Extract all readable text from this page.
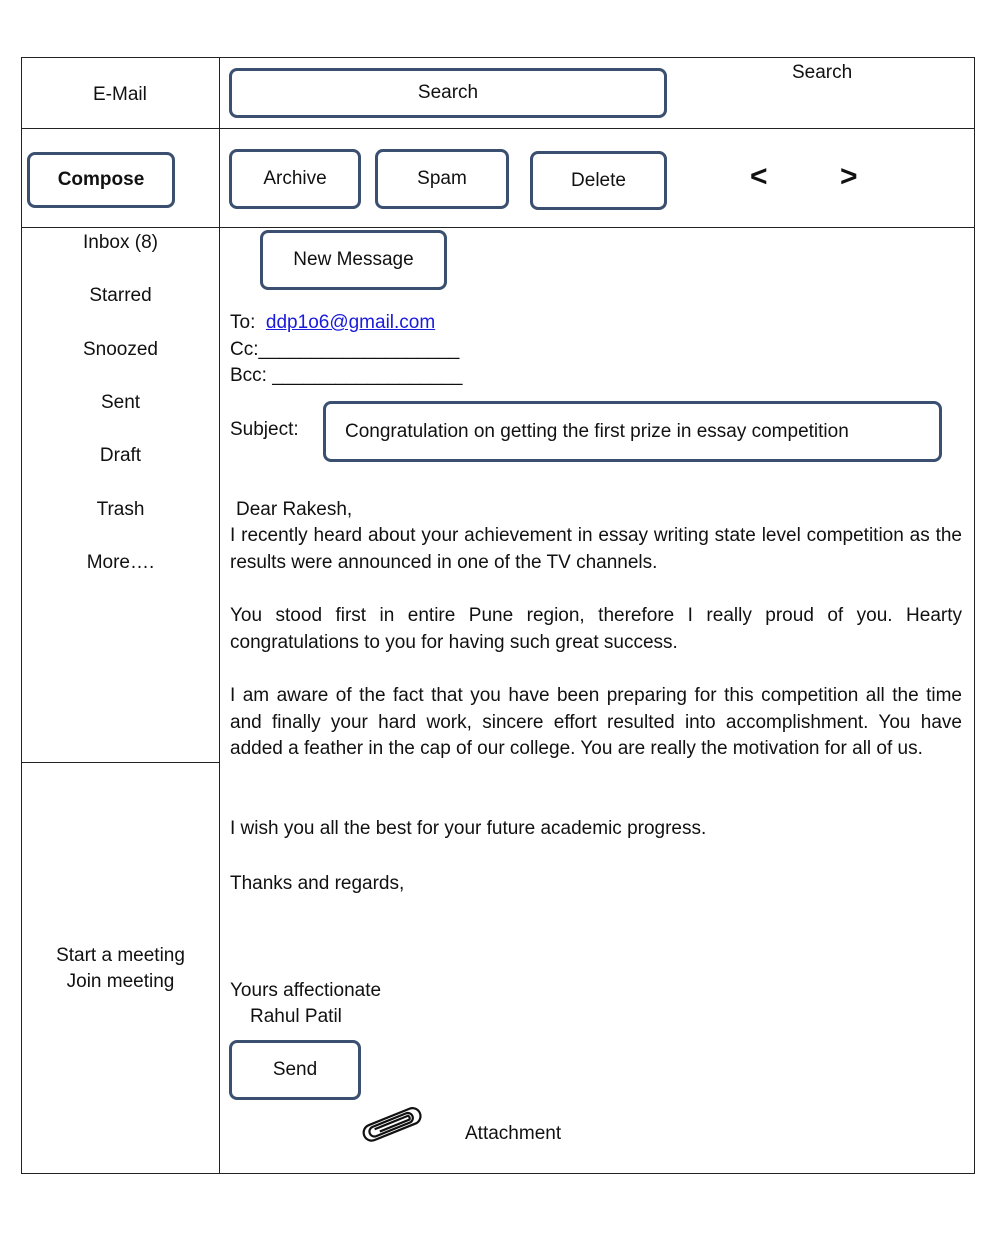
E-Mail	Search
Search
Compose	Archive	Spam	Delete	< >
Inbox (8)
Starred
Snoozed
Sent
Draft
Trash
More….
Start a meeting
Join meeting
New Message
To: ddp1o6@gmail.com
Cc:___________________
Bcc: __________________
Subject: Congratulation on getting the first prize in essay competition
Dear Rakesh,
I recently heard about your achievement in essay writing state level competition as the results were announced in one of the TV channels.
You stood first in entire Pune region, therefore I really proud of you. Hearty congratulations to you for having such great success.
I am aware of the fact that you have been preparing for this competition all the time and finally your hard work, sincere effort resulted into accomplishment. You have added a feather in the cap of our college. You are really the motivation for all of us.
I wish you all the best for your future academic progress.
Thanks and regards,
Yours affectionate
Rahul Patil
Send
Attachment
